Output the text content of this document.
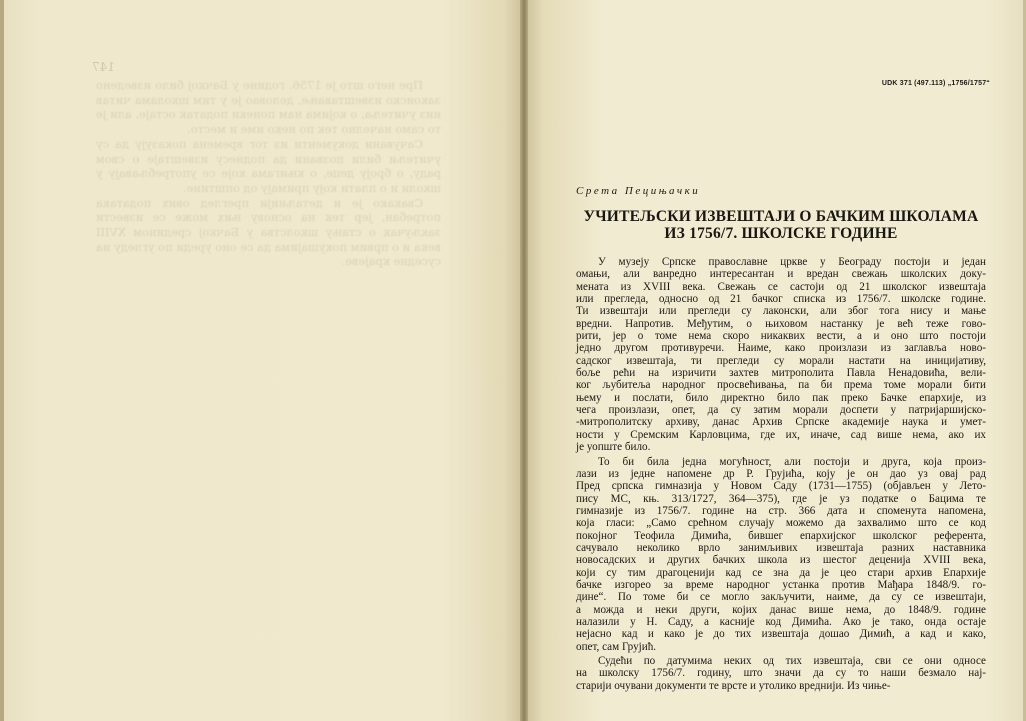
147

Пре него што је 1756. године у Бачкој било изведено законско извештавање, деловао је у тим школама читав низ учитеља, о којима нам понеки податак остаје, али је то само начелно тек по неко име и место.

Сачувани документи из тог времена показују да су учитељи били позвани да поднесу извештаје о свом раду, о броју деце, о књигама које се употребљавају у школи и о плати коју примају од општине.

Свакако је и детаљнији преглед ових података потребан, јер тек на основу њих може се извести закључак о стању школства у Бачкој средином XVIII века и о првим покушајима да се оно уреди по угледу на суседне крајеве.

UDK 371 (497.113) „1756/1757“
Срета Пецињачки
УЧИТЕЉСКИ ИЗВЕШТАЈИ О БАЧКИМ ШКОЛАМА ИЗ 1756/7. ШКОЛСКЕ ГОДИНЕ

У музеју Српске православне цркве у Београду постоји и један
омањи, али ванредно интересантан и вредан свежањ школских доку-
мената из XVIII века. Свежањ се састоји од 21 школског извештаја
или прегледа, односно од 21 бачког списка из 1756/7. школске године.
Ти извештаји или прегледи су лаконски, али због тога нису и мање
вредни. Напротив. Међутим, о њиховом настанку је већ теже гово-
рити, јер о томе нема скоро никаквих вести, а и оно што постоји
једно другом противуречи. Наиме, како произлази из заглавља ново-
садског извештаја, ти прегледи су морали настати на иницијативу,
боље рећи на изричити захтев митрополита Павла Ненадовића, вели-
ког љубитеља народног просвећивања, па би према томе морали бити
њему и послати, било директно било пак преко Бачке епархије, из
чега произлази, опет, да су затим морали доспети у патријаршијско-
-митрополитску архиву, данас Архив Српске академије наука и умет-
ности у Сремским Карловцима, где их, иначе, сад више нема, ако их
је уопште било.

То би била једна могућност, али постоји и друга, која произ-
лази из једне напомене др Р. Грујића, коју је он дао уз овај рад
Пред српска гимназија у Новом Саду (1731—1755) (објављен у Лето-
пису МС, књ. 313/1727, 364—375), где је уз податке о Бацима те
гимназије из 1756/7. године на стр. 366 дата и споменута напомена,
која гласи: „Само срећном случају можемо да захвалимо што се код
покојног Теофила Димића, бившег епархијског школског референта,
сачувало неколико врло занимљивих извештаја разних наставника
новосадских и других бачких школа из шестог деценија XVIII века,
који су тим драгоценији кад се зна да је цео стари архив Епархије
бачке изгорео за време народног устанка против Мађара 1848/9. го-
дине“. По томе би се могло закључити, наиме, да су се извештаји,
а можда и неки други, којих данас више нема, до 1848/9. године
налазили у Н. Саду, а касније код Димића. Ако је тако, онда остаје
нејасно кад и како је до тих извештаја дошао Димић, а кад и како,
опет, сам Грујић.

Судећи по датумима неких од тих извештаја, сви се они односе
на школску 1756/7. годину, што значи да су то наши безмало нај-
старији очувани документи те врсте и утолико вреднији. Из чиње-
